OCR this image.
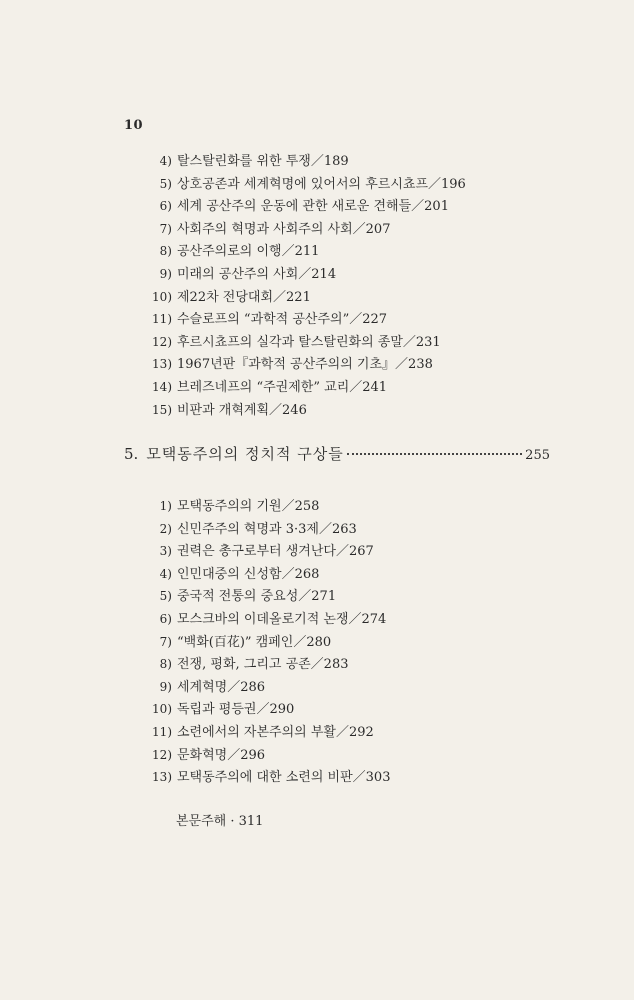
10
4) 탈스탈린화를 위한 투쟁／189
5) 상호공존과 세계혁명에 있어서의 후르시쵸프／196
6) 세계 공산주의 운동에 관한 새로운 견해들／201
7) 사회주의 혁명과 사회주의 사회／207
8) 공산주의로의 이행／211
9) 미래의 공산주의 사회／214
10) 제22차 전당대회／221
11) 수슬로프의 “과학적 공산주의”／227
12) 후르시쵸프의 실각과 탈스탈린화의 종말／231
13) 1967년판『과학적 공산주의의 기초』／238
14) 브레즈네프의 “주권제한” 교리／241
15) 비판과 개혁계획／246
5. 모택동주의의 정치적 구상들	255
1) 모택동주의의 기원／258
2) 신민주주의 혁명과 3·3제／263
3) 권력은 총구로부터 생겨난다／267
4) 인민대중의 신성함／268
5) 중국적 전통의 중요성／271
6) 모스크바의 이데올로기적 논쟁／274
7) “백화(百花)” 캠페인／280
8) 전쟁, 평화, 그리고 공존／283
9) 세계혁명／286
10) 독립과 평등권／290
11) 소련에서의 자본주의의 부활／292
12) 문화혁명／296
13) 모택동주의에 대한 소련의 비판／303
본문주해 · 311
